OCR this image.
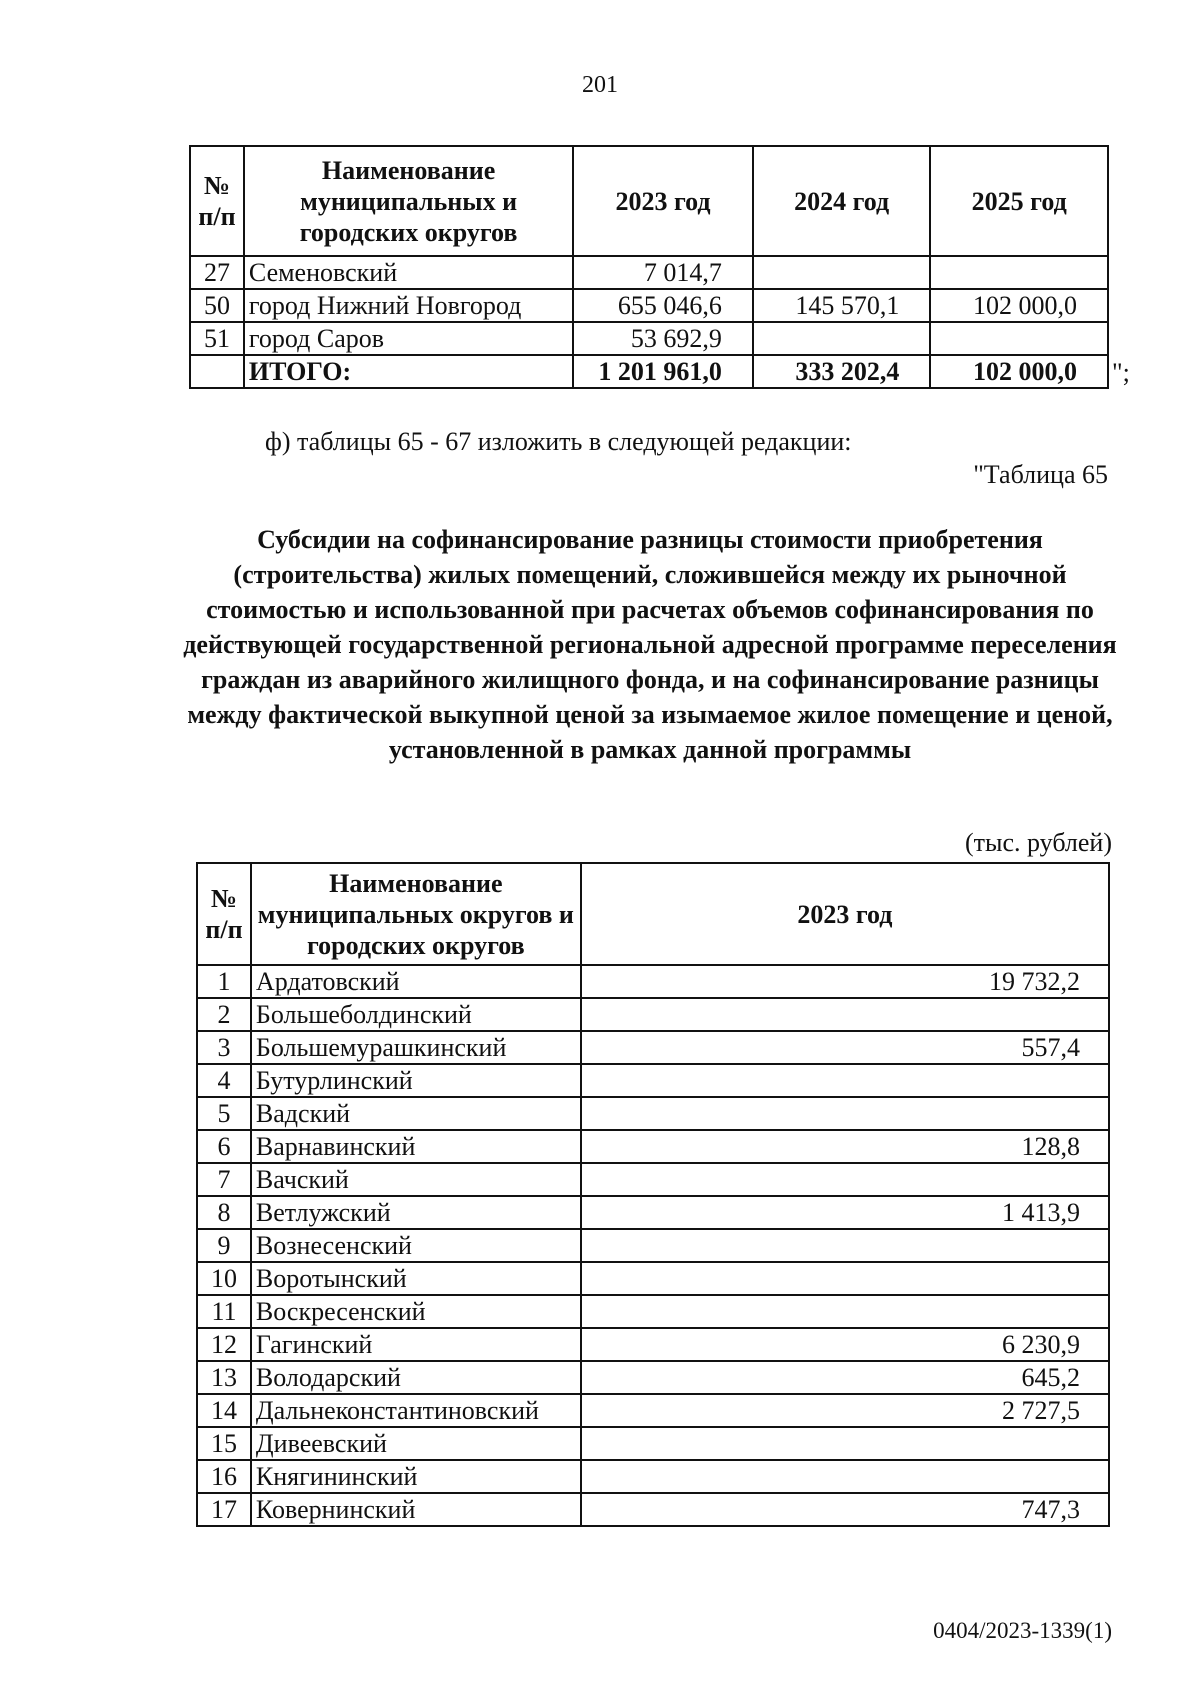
201
№ п/п	Наименование муниципальных и городских округов	2023 год	2024 год	2025 год
27	Семеновский	7 014,7		
50	город Нижний Новгород	655 046,6	145 570,1	102 000,0
51	город Саров	53 692,9		
	ИТОГО:	1 201 961,0	333 202,4	102 000,0 ";
ф) таблицы 65 - 67 изложить в следующей редакции:
"Таблица 65
Субсидии на софинансирование разницы стоимости приобретения (строительства) жилых помещений, сложившейся между их рыночной стоимостью и использованной при расчетах объемов софинансирования по действующей государственной региональной адресной программе переселения граждан из аварийного жилищного фонда, и на софинансирование разницы между фактической выкупной ценой за изымаемое жилое помещение и ценой, установленной в рамках данной программы
(тыс. рублей)
№ п/п	Наименование муниципальных округов и городских округов	2023 год
1	Ардатовский	19 732,2
2	Большеболдинский	
3	Большемурашкинский	557,4
4	Бутурлинский	
5	Вадский	
6	Варнавинский	128,8
7	Вачский	
8	Ветлужский	1 413,9
9	Вознесенский	
10	Воротынский	
11	Воскресенский	
12	Гагинский	6 230,9
13	Володарский	645,2
14	Дальнеконстантиновский	2 727,5
15	Дивеевский	
16	Княгининский	
17	Ковернинский	747,3
0404/2023-1339(1)
